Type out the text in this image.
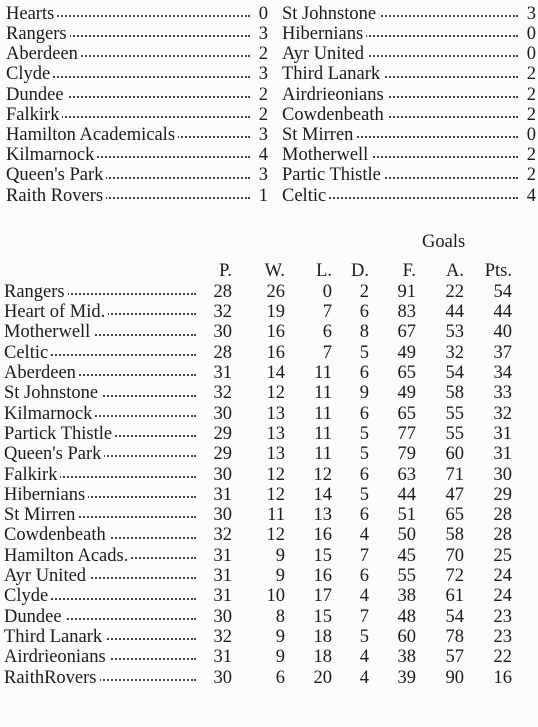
Hearts	0 St Johnstone	3
Rangers	3 Hibernians	0
Aberdeen	2 Ayr United	0
Clyde	3 Third Lanark	2
Dundee	2 Airdrieonians	2
Falkirk	2 Cowdenbeath	2
Hamilton Academicals	3 St Mirren	0
Kilmarnock	4 Motherwell	2
Queen's Park	3 Partic Thistle	2
Raith Rovers	1 Celtic	4
Goals
P.	W.	L.	D.	F.	A.	Pts.
Rangers	28	26	0	2	91	22	54
Heart of Mid.	32	19	7	6	83	44	44
Motherwell	30	16	6	8	67	53	40
Celtic	28	16	7	5	49	32	37
Aberdeen	31	14	11	6	65	54	34
St Johnstone	32	12	11	9	49	58	33
Kilmarnock	30	13	11	6	65	55	32
Partick Thistle	29	13	11	5	77	55	31
Queen's Park	29	13	11	5	79	60	31
Falkirk	30	12	12	6	63	71	30
Hibernians	31	12	14	5	44	47	29
St Mirren	30	11	13	6	51	65	28
Cowdenbeath	32	12	16	4	50	58	28
Hamilton Acads.	31	9	15	7	45	70	25
Ayr United	31	9	16	6	55	72	24
Clyde	31	10	17	4	38	61	24
Dundee	30	8	15	7	48	54	23
Third Lanark	32	9	18	5	60	78	23
Airdrieonians	31	9	18	4	38	57	22
RaithRovers	30	6	20	4	39	90	16
